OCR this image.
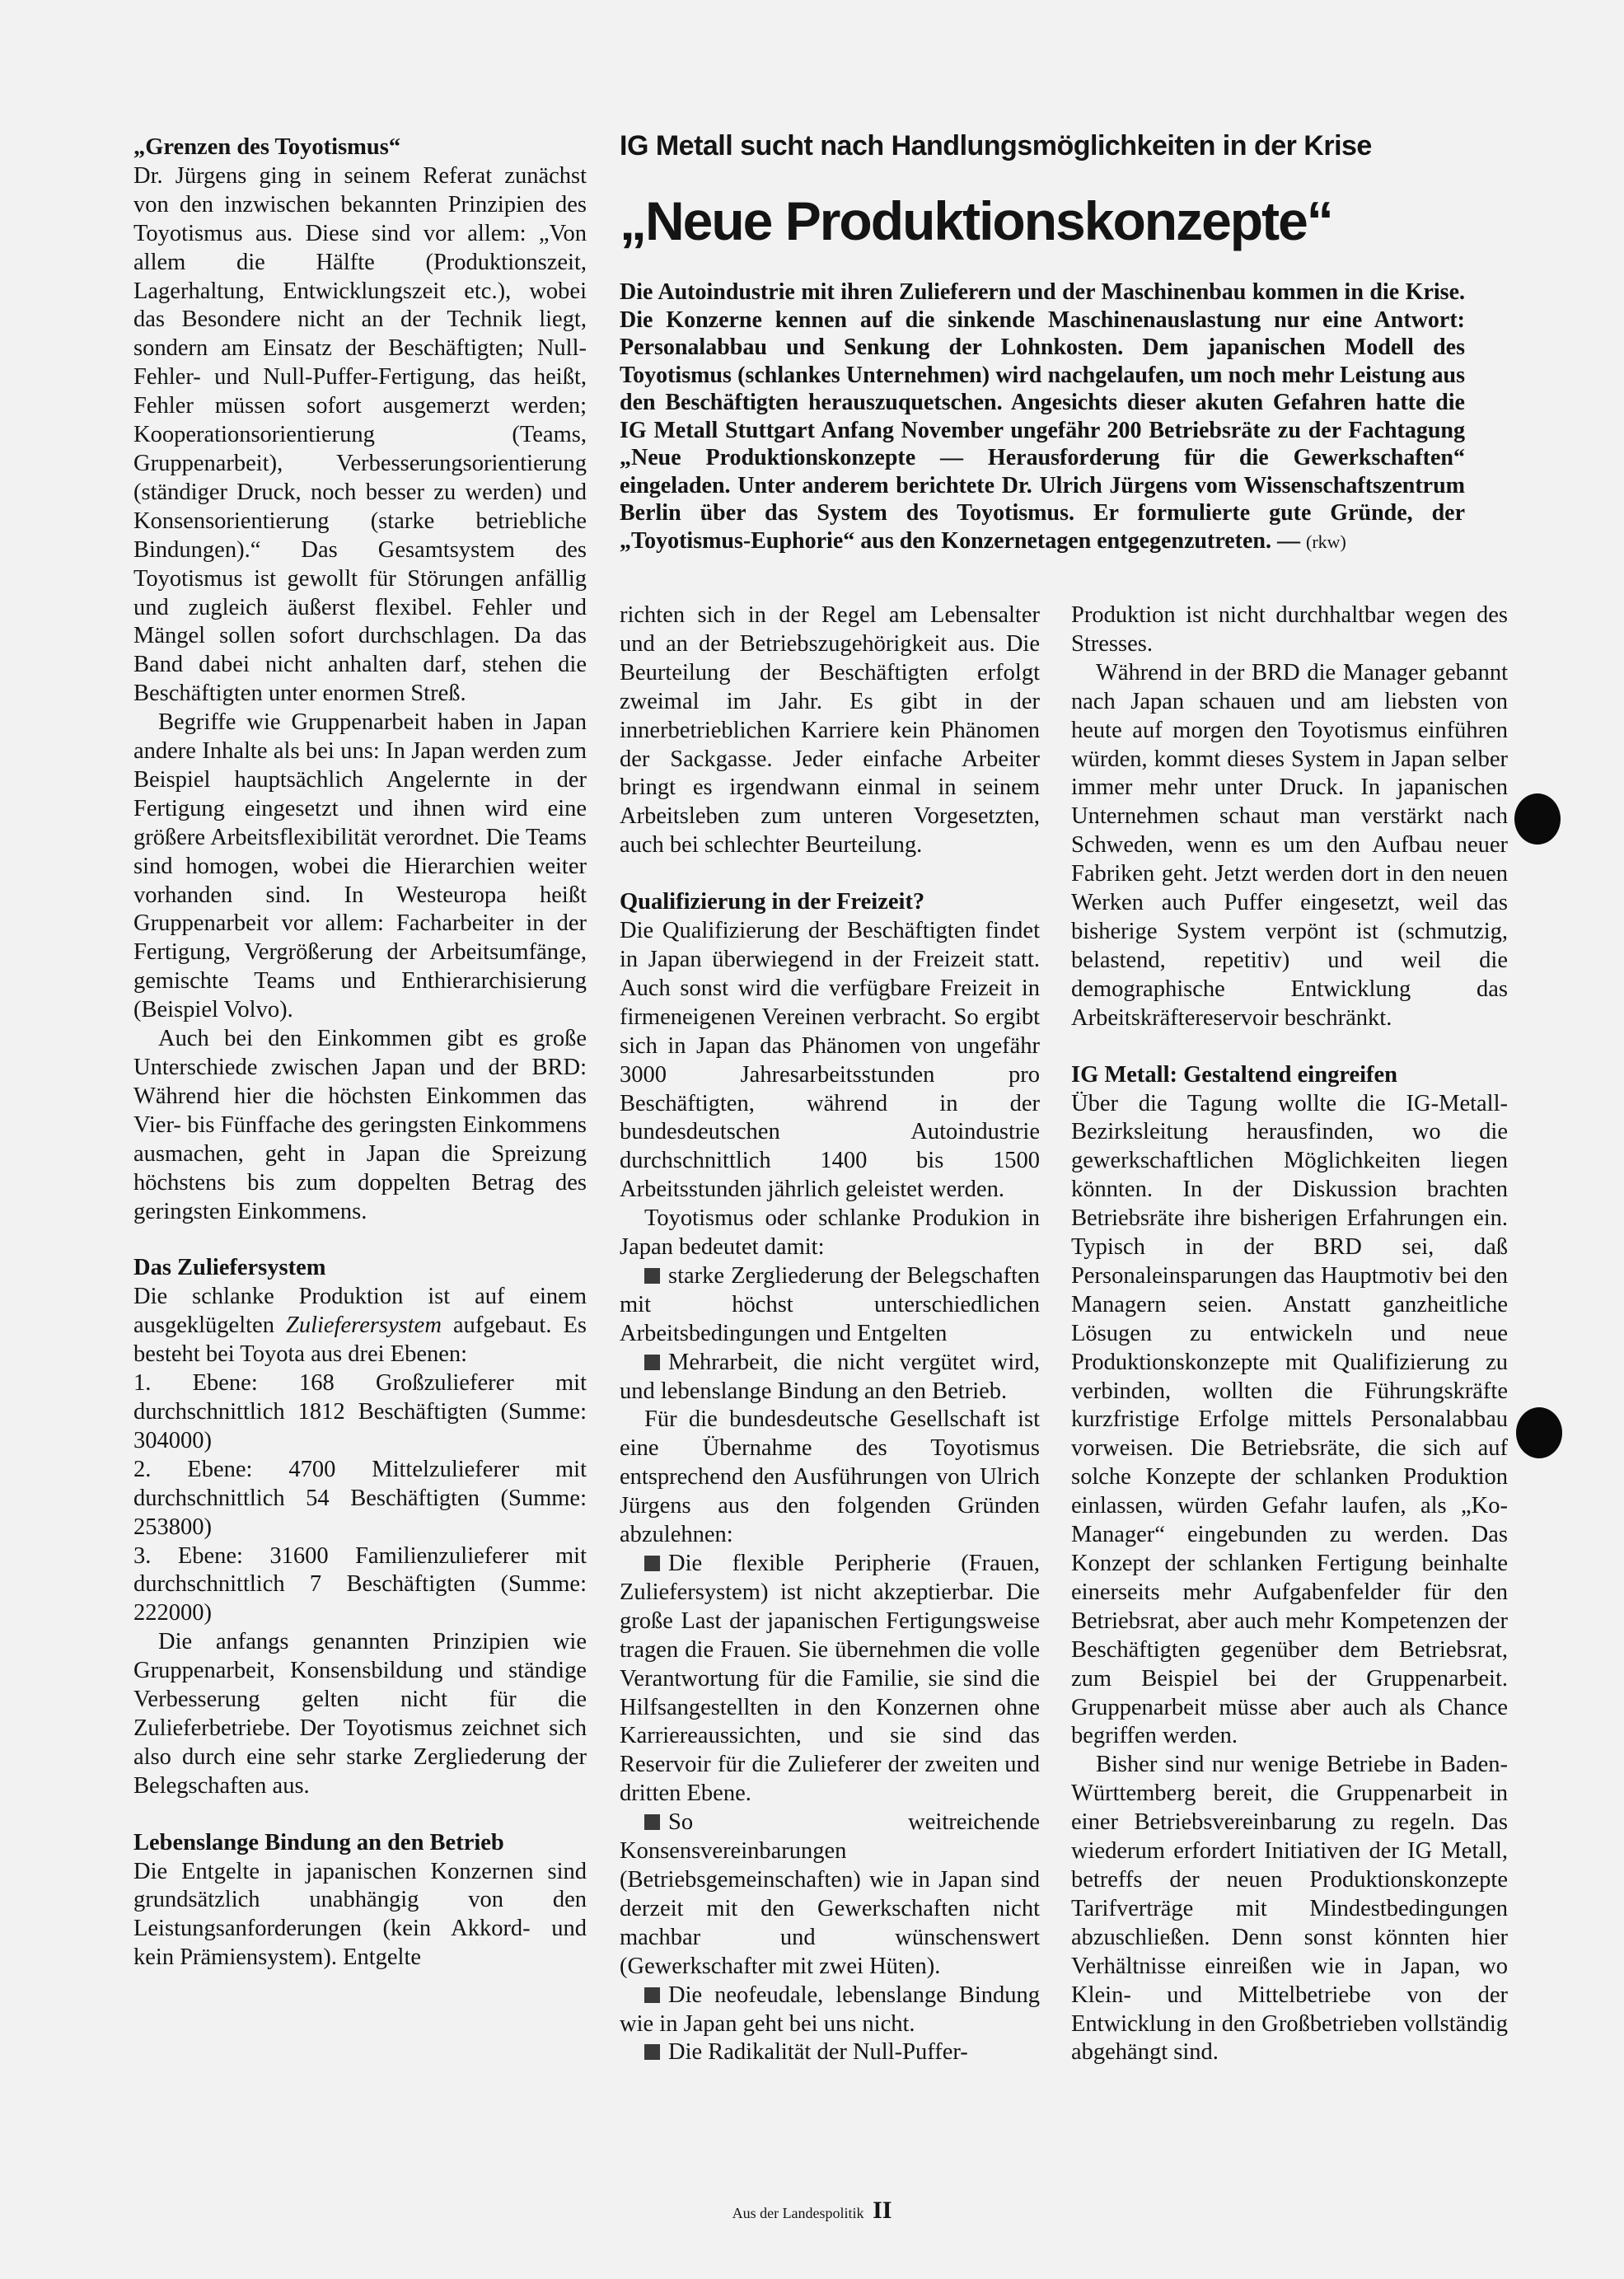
IG Metall sucht nach Handlungsmöglichkeiten in der Krise
„Neue Produktionskonzepte“

Die Autoindustrie mit ihren Zulieferern und der Maschinenbau kommen in die Krise. Die Konzerne kennen auf die sinkende Maschinenauslastung nur eine Antwort: Personalabbau und Senkung der Lohnkosten. Dem japanischen Modell des Toyotismus (schlankes Unternehmen) wird nachgelaufen, um noch mehr Leistung aus den Beschäftigten herauszuquetschen. Angesichts dieser akuten Gefahren hatte die IG Metall Stuttgart Anfang November ungefähr 200 Betriebsräte zu der Fachtagung „Neue Produktionskonzepte — Herausforderung für die Gewerkschaften“ eingeladen. Unter anderem berichtete Dr. Ulrich Jürgens vom Wissenschaftszentrum Berlin über das System des Toyotismus. Er formulierte gute Gründe, der „Toyotismus-Euphorie“ aus den Konzernetagen entgegenzutreten. — (rkw)

„Grenzen des Toyotismus“

Dr. Jürgens ging in seinem Referat zunächst von den inzwischen bekannten Prinzipien des Toyotismus aus. Diese sind vor allem: „Von allem die Hälfte (Produktionszeit, Lagerhaltung, Entwicklungszeit etc.), wobei das Besondere nicht an der Technik liegt, sondern am Einsatz der Beschäftigten; Null-Fehler- und Null-Puffer-Fertigung, das heißt, Fehler müssen sofort ausgemerzt werden; Kooperationsorientierung (Teams, Gruppenarbeit), Verbesserungsorientierung (ständiger Druck, noch besser zu werden) und Konsensorientierung (starke betriebliche Bindungen).“ Das Gesamtsystem des Toyotismus ist gewollt für Störungen anfällig und zugleich äußerst flexibel. Fehler und Mängel sollen sofort durchschlagen. Da das Band dabei nicht anhalten darf, stehen die Beschäftigten unter enormen Streß.

Begriffe wie Gruppenarbeit haben in Japan andere Inhalte als bei uns: In Japan werden zum Beispiel hauptsächlich Angelernte in der Fertigung eingesetzt und ihnen wird eine größere Arbeitsflexibilität verordnet. Die Teams sind homogen, wobei die Hierarchien weiter vorhanden sind. In Westeuropa heißt Gruppenarbeit vor allem: Facharbeiter in der Fertigung, Vergrößerung der Arbeitsumfänge, gemischte Teams und Enthierarchisierung (Beispiel Volvo).

Auch bei den Einkommen gibt es große Unterschiede zwischen Japan und der BRD: Während hier die höchsten Einkommen das Vier- bis Fünffache des geringsten Einkommens ausmachen, geht in Japan die Spreizung höchstens bis zum doppelten Betrag des geringsten Einkommens.

Das Zuliefersystem

Die schlanke Produktion ist auf einem ausgeklügelten Zulieferersystem aufgebaut. Es besteht bei Toyota aus drei Ebenen:

1. Ebene: 168 Großzulieferer mit durchschnittlich 1812 Beschäftigten (Summe: 304000)

2. Ebene: 4700 Mittelzulieferer mit durchschnittlich 54 Beschäftigten (Summe: 253800)

3. Ebene: 31600 Familienzulieferer mit durchschnittlich 7 Beschäftigten (Summe: 222000)

Die anfangs genannten Prinzipien wie Gruppenarbeit, Konsensbildung und ständige Verbesserung gelten nicht für die Zulieferbetriebe. Der Toyotismus zeichnet sich also durch eine sehr starke Zergliederung der Belegschaften aus.

Lebenslange Bindung an den Betrieb

Die Entgelte in japanischen Konzernen sind grundsätzlich unabhängig von den Leistungsanforderungen (kein Akkord- und kein Prämiensystem). Entgelte

richten sich in der Regel am Lebensalter und an der Betriebszugehörigkeit aus. Die Beurteilung der Beschäftigten erfolgt zweimal im Jahr. Es gibt in der innerbetrieblichen Karriere kein Phänomen der Sackgasse. Jeder einfache Arbeiter bringt es irgendwann einmal in seinem Arbeitsleben zum unteren Vorgesetzten, auch bei schlechter Beurteilung.

Qualifizierung in der Freizeit?

Die Qualifizierung der Beschäftigten findet in Japan überwiegend in der Freizeit statt. Auch sonst wird die verfügbare Freizeit in firmeneigenen Vereinen verbracht. So ergibt sich in Japan das Phänomen von ungefähr 3000 Jahresarbeitsstunden pro Beschäftigten, während in der bundesdeutschen Autoindustrie durchschnittlich 1400 bis 1500 Arbeitsstunden jährlich geleistet werden.

Toyotismus oder schlanke Produkion in Japan bedeutet damit:

starke Zergliederung der Belegschaften mit höchst unterschiedlichen Arbeitsbedingungen und Entgelten

Mehrarbeit, die nicht vergütet wird, und lebenslange Bindung an den Betrieb.

Für die bundesdeutsche Gesellschaft ist eine Übernahme des Toyotismus entsprechend den Ausführungen von Ulrich Jürgens aus den folgenden Gründen abzulehnen:

Die flexible Peripherie (Frauen, Zuliefersystem) ist nicht akzeptierbar. Die große Last der japanischen Fertigungsweise tragen die Frauen. Sie übernehmen die volle Verantwortung für die Familie, sie sind die Hilfsangestellten in den Konzernen ohne Karriereaussichten, und sie sind das Reservoir für die Zulieferer der zweiten und dritten Ebene.

So weitreichende Konsensvereinbarungen (Betriebsgemeinschaften) wie in Japan sind derzeit mit den Gewerkschaften nicht machbar und wünschenswert (Gewerkschafter mit zwei Hüten).

Die neofeudale, lebenslange Bindung wie in Japan geht bei uns nicht.

Die Radikalität der Null-Puffer-

Produktion ist nicht durchhaltbar wegen des Stresses.

Während in der BRD die Manager gebannt nach Japan schauen und am liebsten von heute auf morgen den Toyotismus einführen würden, kommt dieses System in Japan selber immer mehr unter Druck. In japanischen Unternehmen schaut man verstärkt nach Schweden, wenn es um den Aufbau neuer Fabriken geht. Jetzt werden dort in den neuen Werken auch Puffer eingesetzt, weil das bisherige System verpönt ist (schmutzig, belastend, repetitiv) und weil die demographische Entwicklung das Arbeitskräftereservoir beschränkt.

IG Metall: Gestaltend eingreifen

Über die Tagung wollte die IG-Metall-Bezirksleitung herausfinden, wo die gewerkschaftlichen Möglichkeiten liegen könnten. In der Diskussion brachten Betriebsräte ihre bisherigen Erfahrungen ein. Typisch in der BRD sei, daß Personaleinsparungen das Hauptmotiv bei den Managern seien. Anstatt ganzheitliche Lösugen zu entwickeln und neue Produktionskonzepte mit Qualifizierung zu verbinden, wollten die Führungskräfte kurzfristige Erfolge mittels Personalabbau vorweisen. Die Betriebsräte, die sich auf solche Konzepte der schlanken Produktion einlassen, würden Gefahr laufen, als „Ko-Manager“ eingebunden zu werden. Das Konzept der schlanken Fertigung beinhalte einerseits mehr Aufgabenfelder für den Betriebsrat, aber auch mehr Kompetenzen der Beschäftigten gegenüber dem Betriebsrat, zum Beispiel bei der Gruppenarbeit. Gruppenarbeit müsse aber auch als Chance begriffen werden.

Bisher sind nur wenige Betriebe in Baden-Württemberg bereit, die Gruppenarbeit in einer Betriebsvereinbarung zu regeln. Das wiederum erfordert Initiativen der IG Metall, betreffs der neuen Produktionskonzepte Tarifverträge mit Mindestbedingungen abzuschließen. Denn sonst könnten hier Verhältnisse einreißen wie in Japan, wo Klein- und Mittelbetriebe von der Entwicklung in den Großbetrieben vollständig abgehängt sind.

Aus der Landespolitik II
